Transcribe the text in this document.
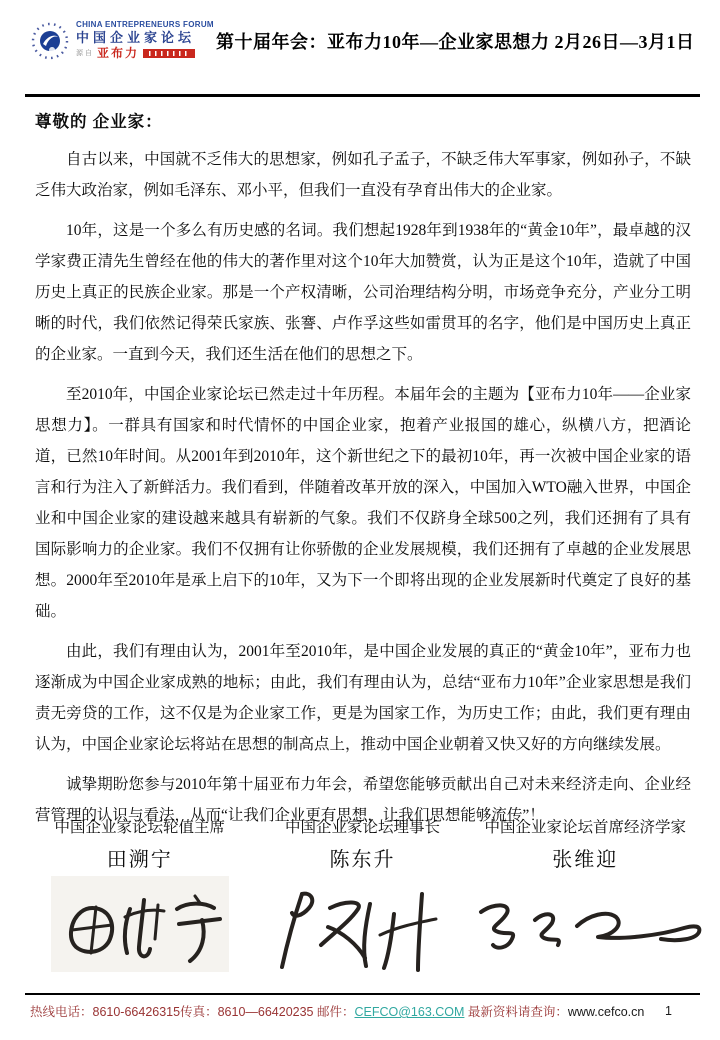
CHINA ENTREPRENEURS FORUM
中国企业家论坛
源自 亚布力
第十届年会：亚布力10年—企业家思想力 2月26日—3月1日
尊敬的 企业家：

自古以来，中国就不乏伟大的思想家，例如孔子孟子，不缺乏伟大军事家，例如孙子，不缺乏伟大政治家，例如毛泽东、邓小平，但我们一直没有孕育出伟大的企业家。

10年，这是一个多么有历史感的名词。我们想起1928年到1938年的“黄金10年”，最卓越的汉学家费正清先生曾经在他的伟大的著作里对这个10年大加赞赏，认为正是这个10年，造就了中国历史上真正的民族企业家。那是一个产权清晰，公司治理结构分明，市场竞争充分，产业分工明晰的时代，我们依然记得荣氏家族、张謇、卢作孚这些如雷贯耳的名字，他们是中国历史上真正的企业家。一直到今天，我们还生活在他们的思想之下。

至2010年，中国企业家论坛已然走过十年历程。本届年会的主题为【亚布力10年——企业家思想力】。一群具有国家和时代情怀的中国企业家，抱着产业报国的雄心，纵横八方，把酒论道，已然10年时间。从2001年到2010年，这个新世纪之下的最初10年，再一次被中国企业家的语言和行为注入了新鲜活力。我们看到，伴随着改革开放的深入，中国加入WTO融入世界，中国企业和中国企业家的建设越来越具有崭新的气象。我们不仅跻身全球500之列，我们还拥有了具有国际影响力的企业家。我们不仅拥有让你骄傲的企业发展规模，我们还拥有了卓越的企业发展思想。2000年至2010年是承上启下的10年，又为下一个即将出现的企业发展新时代奠定了良好的基础。

由此，我们有理由认为，2001年至2010年，是中国企业发展的真正的“黄金10年”，亚布力也逐渐成为中国企业家成熟的地标；由此，我们有理由认为，总结“亚布力10年”企业家思想是我们责无旁贷的工作，这不仅是为企业家工作，更是为国家工作，为历史工作；由此，我们更有理由认为，中国企业家论坛将站在思想的制高点上，推动中国企业朝着又快又好的方向继续发展。

诚挚期盼您参与2010年第十届亚布力年会，希望您能够贡献出自己对未来经济走向、企业经营管理的认识与看法，从而“让我们企业更有思想，让我们思想能够流传”！

中国企业家论坛轮值主席
田溯宁
中国企业家论坛理事长
陈东升
中国企业家论坛首席经济学家
张维迎
热线电话：8610-66426315传真：8610—66420235 邮件：CEFCO@163.COM 最新资料请查询：www.cefco.cn 1
